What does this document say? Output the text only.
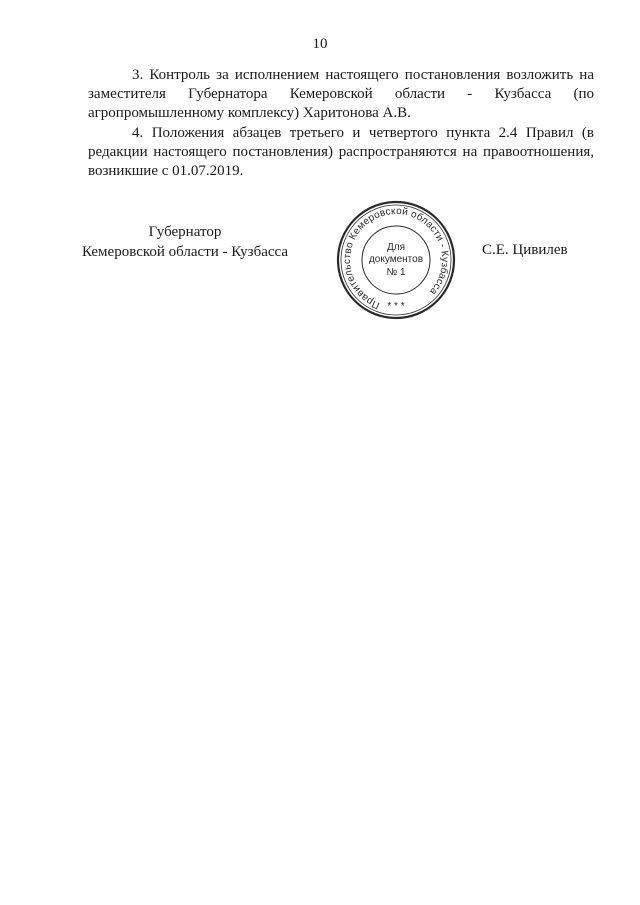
10

3. Контроль за исполнением настоящего постановления возложить на
заместителя Губернатора Кемеровской области - Кузбасса (по
агропромышленному комплексу) Харитонова А.В.

4. Положения абзацев третьего и четвертого пункта 2.4 Правил (в
редакции настоящего постановления) распространяются на правоотношения,
возникшие с 01.07.2019.

Губернатор
Кемеровской области - Кузбасса
Правительство Кемеровской области - Кузбасса
* * *
Для
документов
№ 1
С.Е. Цивилев
